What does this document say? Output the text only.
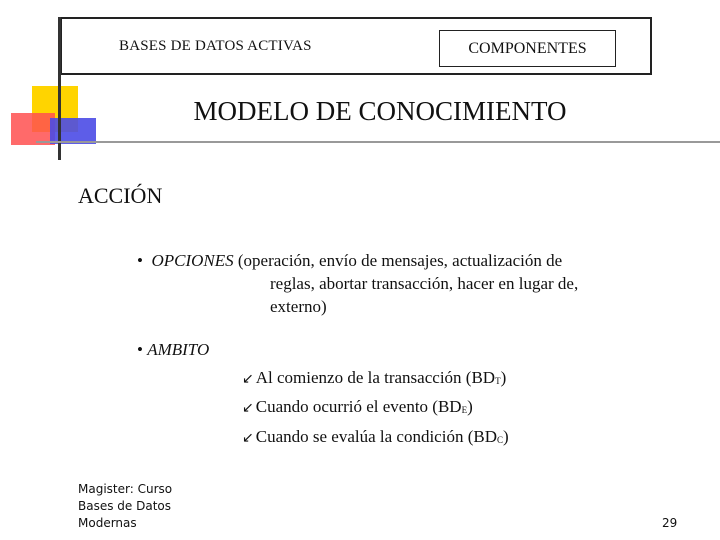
BASES DE DATOS ACTIVAS	COMPONENTES
MODELO DE CONOCIMIENTO
ACCIÓN
•  OPCIONES (operación, envío de mensajes, actualización de
reglas, abortar transacción, hacer en lugar de,
externo)
• AMBITO
↙ Al comienzo de la transacción $(BD_T)$
↙ Cuando ocurrió el evento $(BD_E)$
↙ Cuando se evalúa la condición $(BD_C)$
Magister: Curso
Bases de Datos
Modernas	29
